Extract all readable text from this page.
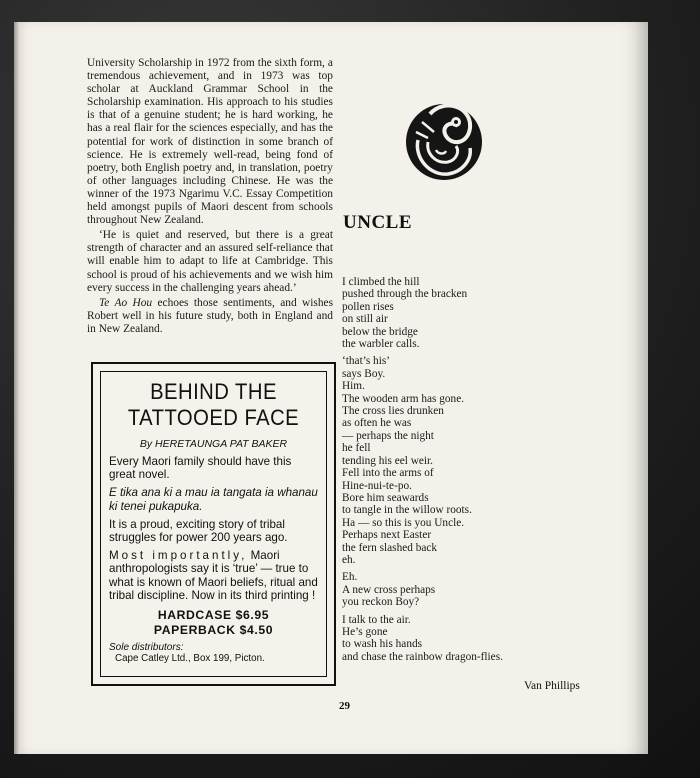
University Scholarship in 1972 from the sixth form, a tremendous achievement, and in 1973 was top scholar at Auckland Grammar School in the Scholarship examination. His approach to his studies is that of a genuine student; he is hard working, he has a real flair for the sciences especially, and has the potential for work of distinction in some branch of science. He is extremely well-read, being fond of poetry, both English poetry and, in translation, poetry of other languages including Chinese. He was the winner of the 1973 Ngarimu V.C. Essay Competition held amongst pupils of Maori descent from schools throughout New Zealand.

‘He is quiet and reserved, but there is a great strength of character and an assured self-reliance that will enable him to adapt to life at Cambridge. This school is proud of his achievements and we wish him every success in the challenging years ahead.’

Te Ao Hou echoes those sentiments, and wishes Robert well in his future study, both in England and in New Zealand.

BEHIND THE
TATTOOED FACE
By HERETAUNGA PAT BAKER
Every Maori family should have this great novel.
E tika ana ki a mau ia tangata ia whanau ki tenei pukapuka.
It is a proud, exciting story of tribal struggles for power 200 years ago.
Most importantly, Maori anthropologists say it is ‘true’ — true to what is known of Maori beliefs, ritual and tribal discipline. Now in its third printing !
HARDCASE $6.95
PAPERBACK $4.50
Sole distributors:
Cape Catley Ltd., Box 199, Picton.
UNCLE
I climbed the hill
pushed through the bracken
pollen rises
on still air
below the bridge
the warbler calls.
‘that’s his’
says Boy.
Him.
The wooden arm has gone.
The cross lies drunken
as often he was
— perhaps the night
he fell
tending his eel weir.
Fell into the arms of
Hine-nui-te-po.
Bore him seawards
to tangle in the willow roots.
Ha — so this is you Uncle.
Perhaps next Easter
the fern slashed back
eh.
Eh.
A new cross perhaps
you reckon Boy?
I talk to the air.
He’s gone
to wash his hands
and chase the rainbow dragon-flies.
Van Phillips
29
